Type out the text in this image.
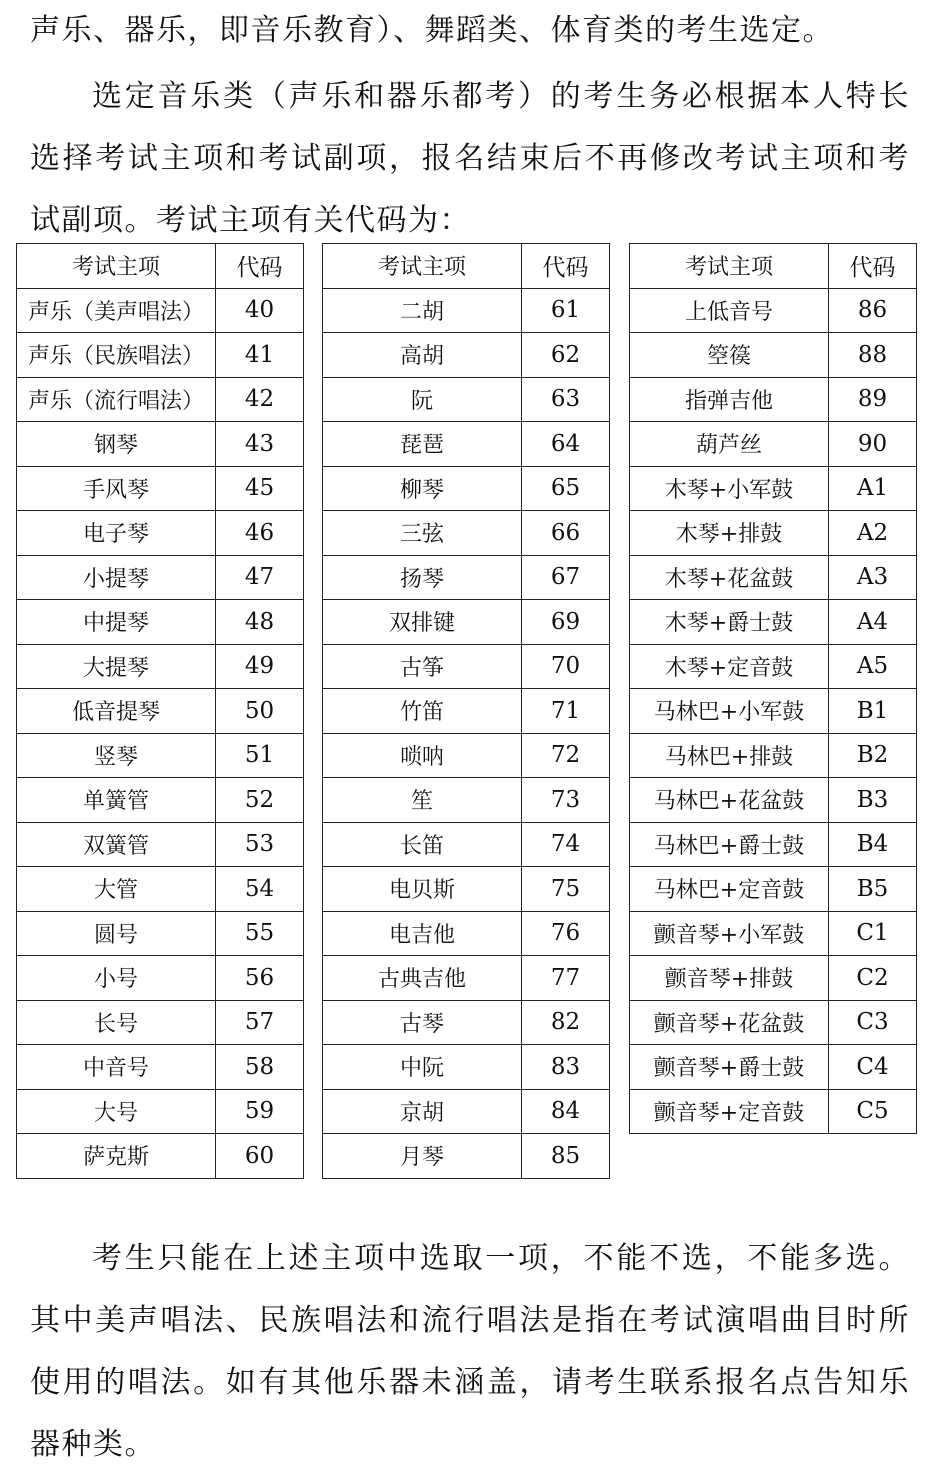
声乐、器乐，即音乐教育）、舞蹈类、体育类的考生选定。

选定音乐类（声乐和器乐都考）的考生务必根据本人特长选择考试主项和考试副项，报名结束后不再修改考试主项和考试副项。考试主项有关代码为：

考试主项	代码
声乐（美声唱法）	40
声乐（民族唱法）	41
声乐（流行唱法）	42
钢琴	43
手风琴	45
电子琴	46
小提琴	47
中提琴	48
大提琴	49
低音提琴	50
竖琴	51
单簧管	52
双簧管	53
大管	54
圆号	55
小号	56
长号	57
中音号	58
大号	59
萨克斯	60
考试主项	代码
二胡	61
高胡	62
阮	63
琵琶	64
柳琴	65
三弦	66
扬琴	67
双排键	69
古筝	70
竹笛	71
唢呐	72
笙	73
长笛	74
电贝斯	75
电吉他	76
古典吉他	77
古琴	82
中阮	83
京胡	84
月琴	85
考试主项	代码
上低音号	86
箜篌	88
指弹吉他	89
葫芦丝	90
木琴+小军鼓	A1
木琴+排鼓	A2
木琴+花盆鼓	A3
木琴+爵士鼓	A4
木琴+定音鼓	A5
马林巴+小军鼓	B1
马林巴+排鼓	B2
马林巴+花盆鼓	B3
马林巴+爵士鼓	B4
马林巴+定音鼓	B5
颤音琴+小军鼓	C1
颤音琴+排鼓	C2
颤音琴+花盆鼓	C3
颤音琴+爵士鼓	C4
颤音琴+定音鼓	C5

考生只能在上述主项中选取一项，不能不选，不能多选。其中美声唱法、民族唱法和流行唱法是指在考试演唱曲目时所使用的唱法。如有其他乐器未涵盖，请考生联系报名点告知乐器种类。
